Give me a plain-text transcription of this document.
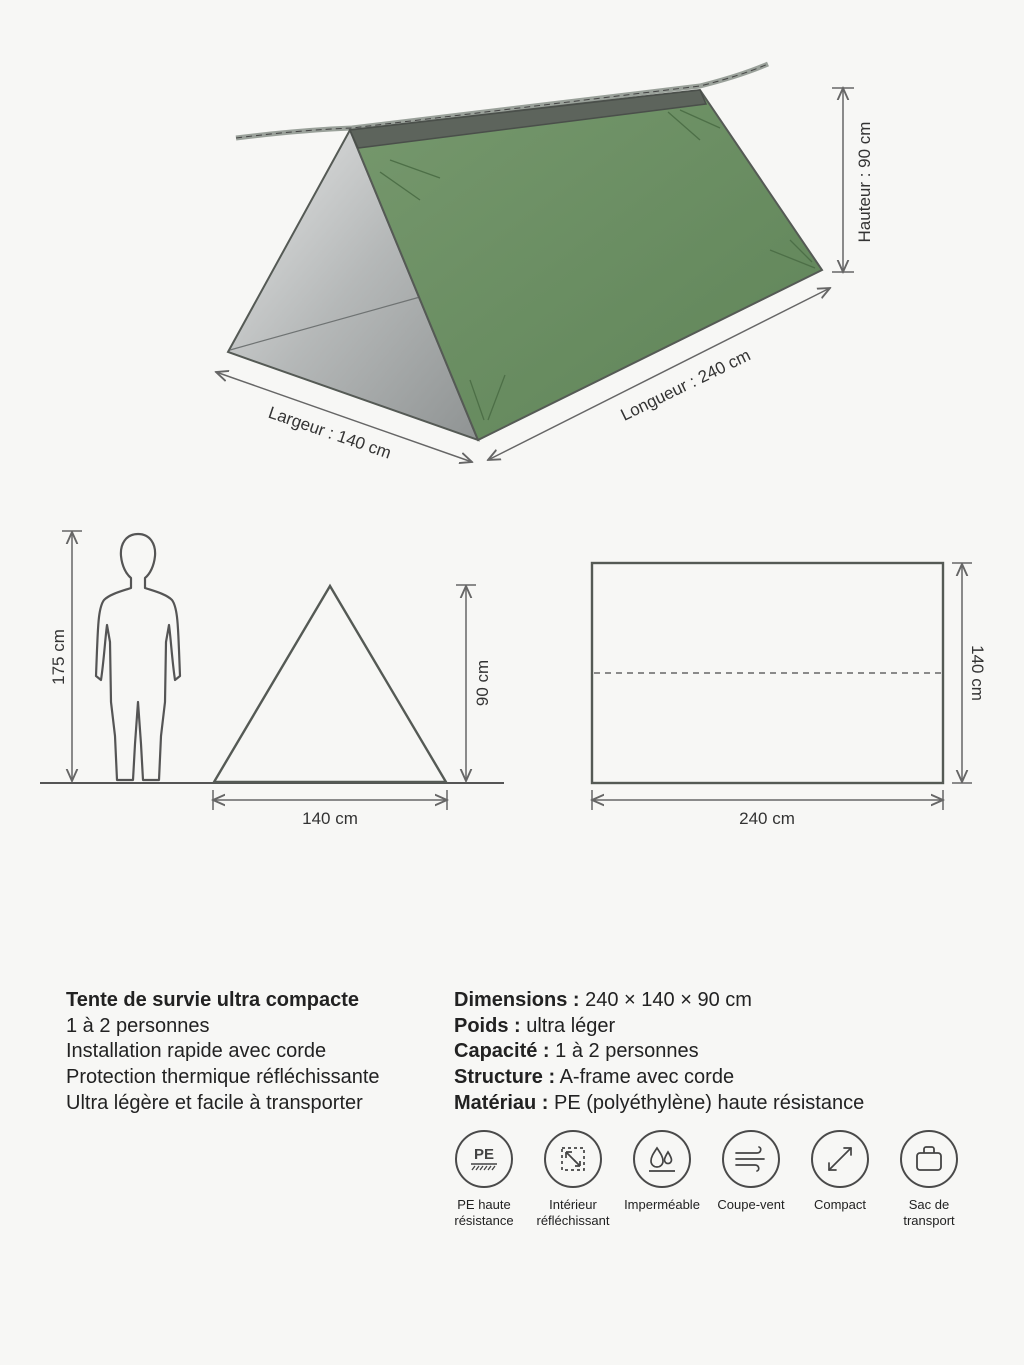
Hauteur : 90 cm
Longueur : 240 cm
Largeur : 140 cm
175 cm	90 cm
140 cm
140 cm
240 cm
Tente de survie ultra compacte
1 à 2 personnes
Installation rapide avec corde
Protection thermique réfléchissante
Ultra légère et facile à transporter
Dimensions : 240 × 140 × 90 cm
Poids : ultra léger
Capacité : 1 à 2 personnes
Structure : A-frame avec corde
Matériau : PE (polyéthylène) haute résistance
PE
PE haute
résistance
Intérieur
réfléchissant
Imperméable	Coupe-vent	Compact	Sac de
transport
